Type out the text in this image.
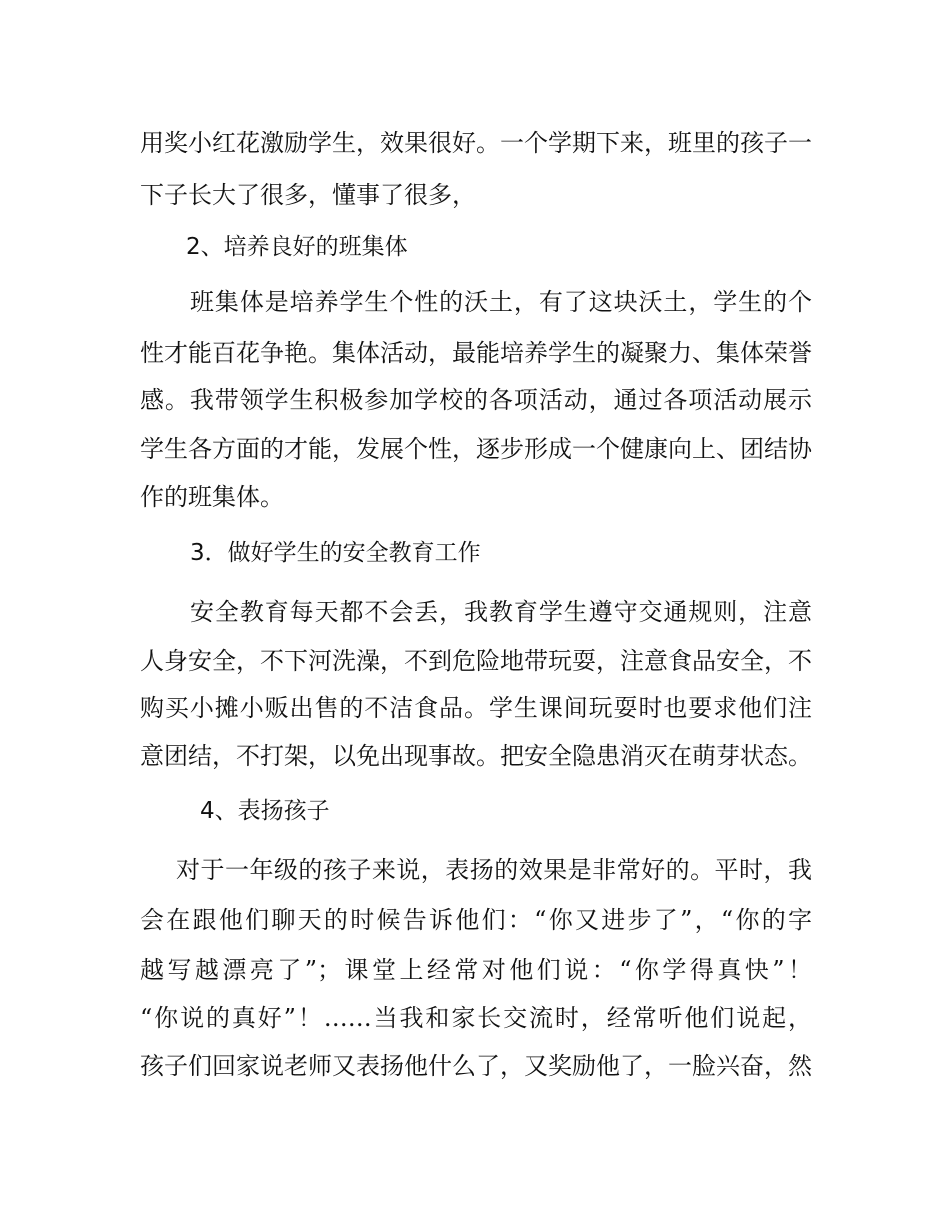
用奖小红花激励学生，效果很好。一个学期下来，班里的孩子一
下子长大了很多，懂事了很多，
2、培养良好的班集体
班集体是培养学生个性的沃土，有了这块沃土，学生的个
性才能百花争艳。集体活动，最能培养学生的凝聚力、集体荣誉
感。我带领学生积极参加学校的各项活动，通过各项活动展示
学生各方面的才能，发展个性，逐步形成一个健康向上、团结协
作的班集体。
3．做好学生的安全教育工作
安全教育每天都不会丢，我教育学生遵守交通规则，注意
人身安全，不下河洗澡，不到危险地带玩耍，注意食品安全，不
购买小摊小贩出售的不洁食品。学生课间玩耍时也要求他们注
意团结，不打架，以免出现事故。把安全隐患消灭在萌芽状态。
4、表扬孩子
对于一年级的孩子来说，表扬的效果是非常好的。平时，我
会在跟他们聊天的时候告诉他们：“你又进步了”，“你的字
越写越漂亮了”；课堂上经常对他们说：“你学得真快”！
“你说的真好”！……当我和家长交流时，经常听他们说起，
孩子们回家说老师又表扬他什么了，又奖励他了，一脸兴奋，然
